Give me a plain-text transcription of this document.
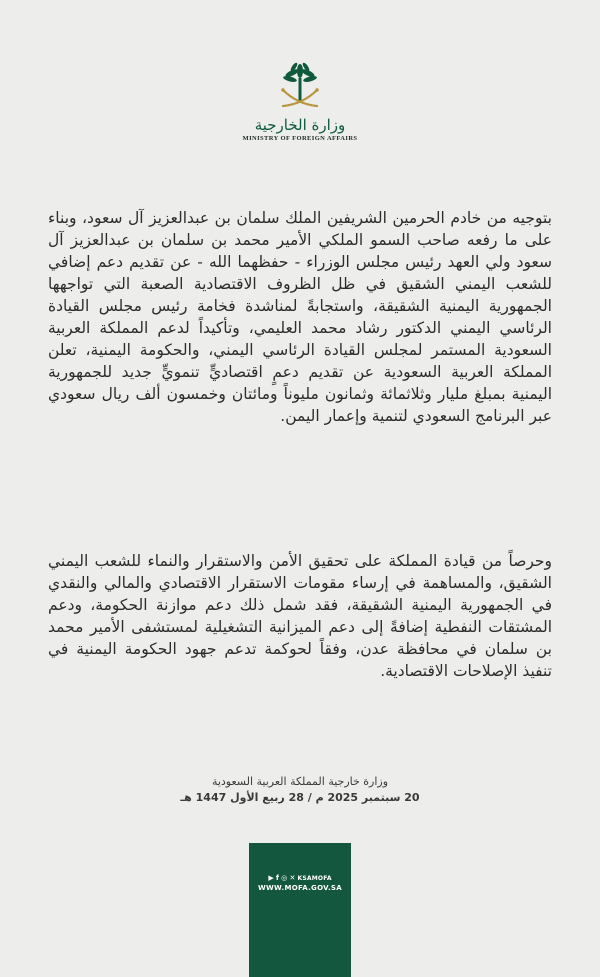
وزارة الخارجية
MINISTRY OF FOREIGN AFFAIRS

بتوجيه من خادم الحرمين الشريفين الملك سلمان بن عبدالعزيز آل سعود، وبناء على ما رفعه صاحب السمو الملكي الأمير محمد بن سلمان بن عبدالعزيز آل سعود ولي العهد رئيس مجلس الوزراء - حفظهما الله - عن تقديم دعم إضافي للشعب اليمني الشقيق في ظل الظروف الاقتصادية الصعبة التي تواجهها الجمهورية اليمنية الشقيقة، واستجابةً لمناشدة فخامة رئيس مجلس القيادة الرئاسي اليمني الدكتور رشاد محمد العليمي، وتأكيداً لدعم المملكة العربية السعودية المستمر لمجلس القيادة الرئاسي اليمني، والحكومة اليمنية، تعلن المملكة العربية السعودية عن تقديم دعمٍ اقتصاديٍّ تنمويٍّ جديد للجمهورية اليمنية بمبلغ مليار وثلاثمائة وثمانون مليوناً ومائتان وخمسون ألف ريال سعودي عبر البرنامج السعودي لتنمية وإعمار اليمن.

وحرصاً من قيادة المملكة على تحقيق الأمن والاستقرار والنماء للشعب اليمني الشقيق، والمساهمة في إرساء مقومات الاستقرار الاقتصادي والمالي والنقدي في الجمهورية اليمنية الشقيقة، فقد شمل ذلك دعم موازنة الحكومة، ودعم المشتقات النفطية إضافةً إلى دعم الميزانية التشغيلية لمستشفى الأمير محمد بن سلمان في محافظة عدن، وفقاً لحوكمة تدعم جهود الحكومة اليمنية في تنفيذ الإصلاحات الاقتصادية.

وزارة خارجية المملكة العربية السعودية
20 سبتمبر 2025 م / 28 ربيع الأول 1447 هـ
▶ f ◎ ✕ KSAMOFA
WWW.MOFA.GOV.SA
